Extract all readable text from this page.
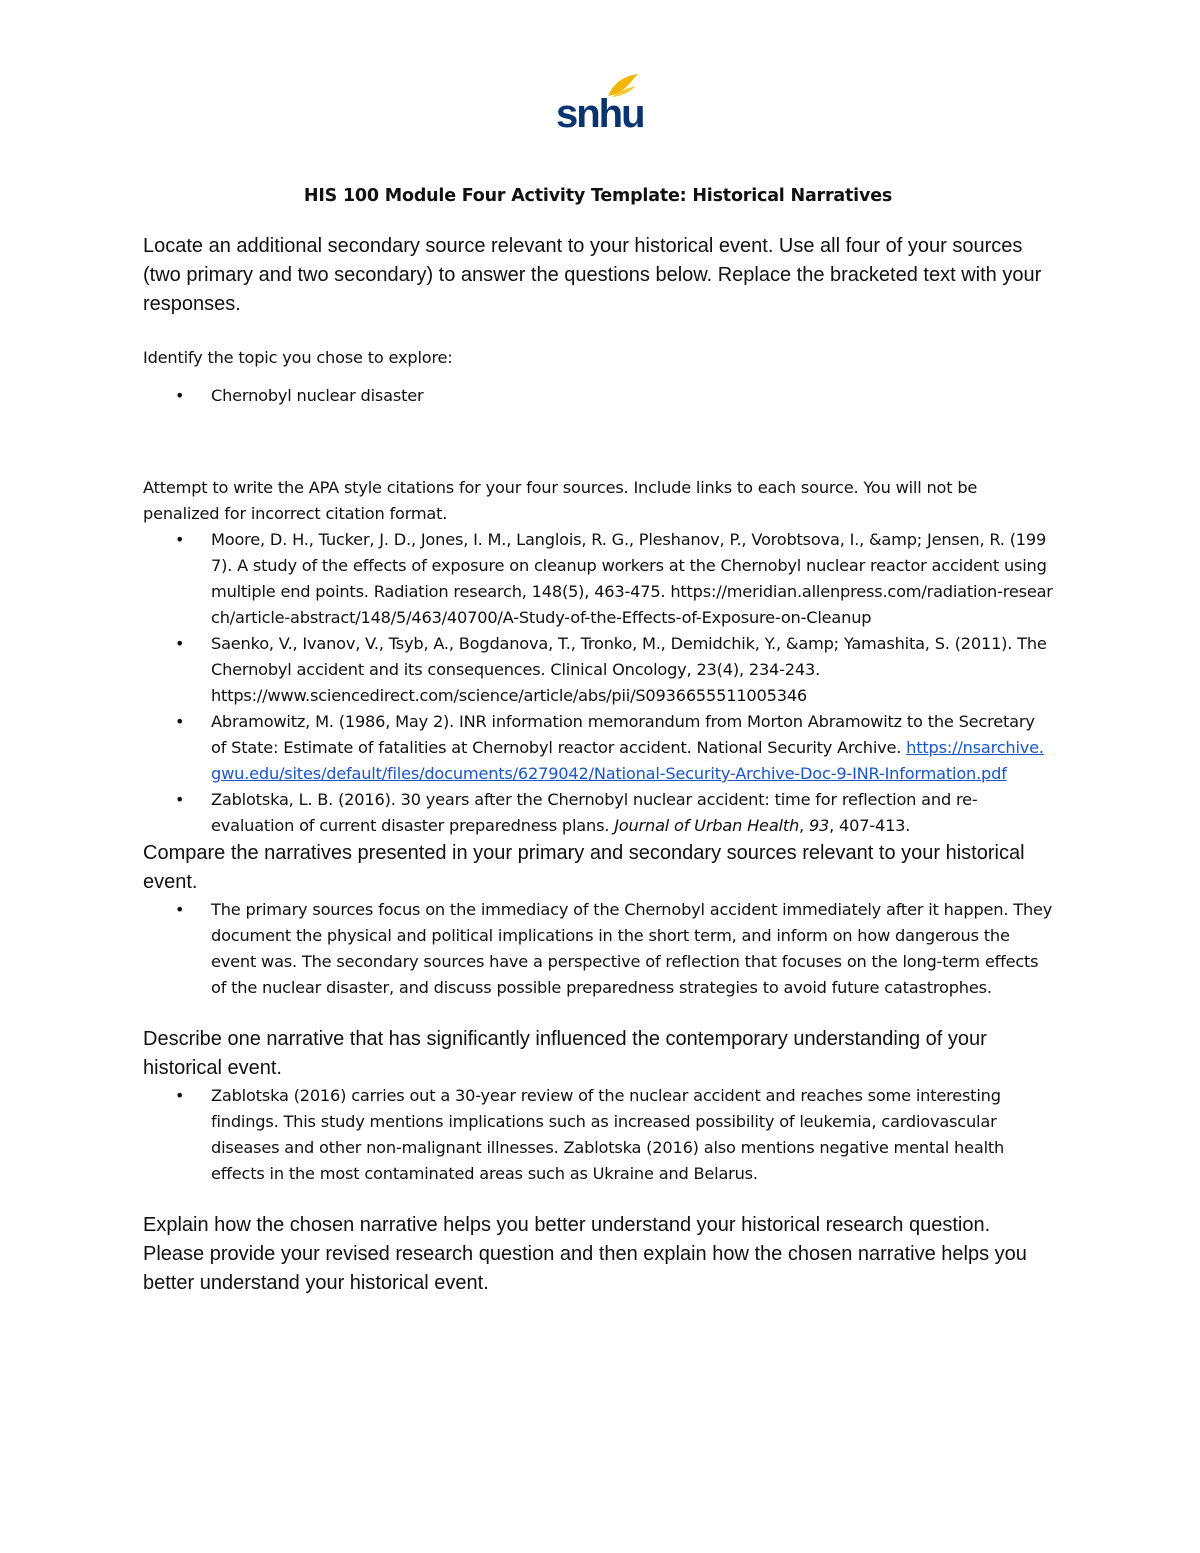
snhu

HIS 100 Module Four Activity Template: Historical Narratives

Locate an additional secondary source relevant to your historical event. Use all four of your sources (two primary and two secondary) to answer the questions below. Replace the bracketed text with your responses.

Identify the topic you chose to explore:

• Chernobyl nuclear disaster

Attempt to write the APA style citations for your four sources. Include links to each source. You will not be penalized for incorrect citation format.

• Moore, D. H., Tucker, J. D., Jones, I. M., Langlois, R. G., Pleshanov, P., Vorobtsova, I., &amp; Jensen, R. (1997). A study of the effects of exposure on cleanup workers at the Chernobyl nuclear reactor accident using multiple end points. Radiation research, 148(5), 463-475. https://meridian.allenpress.com/radiation-research/article-abstract/148/5/463/40700/A-Study-of-the-Effects-of-Exposure-on-Cleanup
• Saenko, V., Ivanov, V., Tsyb, A., Bogdanova, T., Tronko, M., Demidchik, Y., &amp; Yamashita, S. (2011). The Chernobyl accident and its consequences. Clinical Oncology, 23(4), 234-243. https://www.sciencedirect.com/science/article/abs/pii/S0936655511005346
• Abramowitz, M. (1986, May 2). INR information memorandum from Morton Abramowitz to the Secretary of State: Estimate of fatalities at Chernobyl reactor accident. National Security Archive. https://nsarchive.gwu.edu/sites/default/files/documents/6279042/National-Security-Archive-Doc-9-INR-Information.pdf
• Zablotska, L. B. (2016). 30 years after the Chernobyl nuclear accident: time for reflection and re-evaluation of current disaster preparedness plans. Journal of Urban Health, 93, 407-413.

Compare the narratives presented in your primary and secondary sources relevant to your historical event.

• The primary sources focus on the immediacy of the Chernobyl accident immediately after it happen. They document the physical and political implications in the short term, and inform on how dangerous the event was. The secondary sources have a perspective of reflection that focuses on the long-term effects of the nuclear disaster, and discuss possible preparedness strategies to avoid future catastrophes.

Describe one narrative that has significantly influenced the contemporary understanding of your historical event.

• Zablotska (2016) carries out a 30-year review of the nuclear accident and reaches some interesting findings. This study mentions implications such as increased possibility of leukemia, cardiovascular diseases and other non-malignant illnesses. Zablotska (2016) also mentions negative mental health effects in the most contaminated areas such as Ukraine and Belarus.

Explain how the chosen narrative helps you better understand your historical research question. Please provide your revised research question and then explain how the chosen narrative helps you better understand your historical event.
